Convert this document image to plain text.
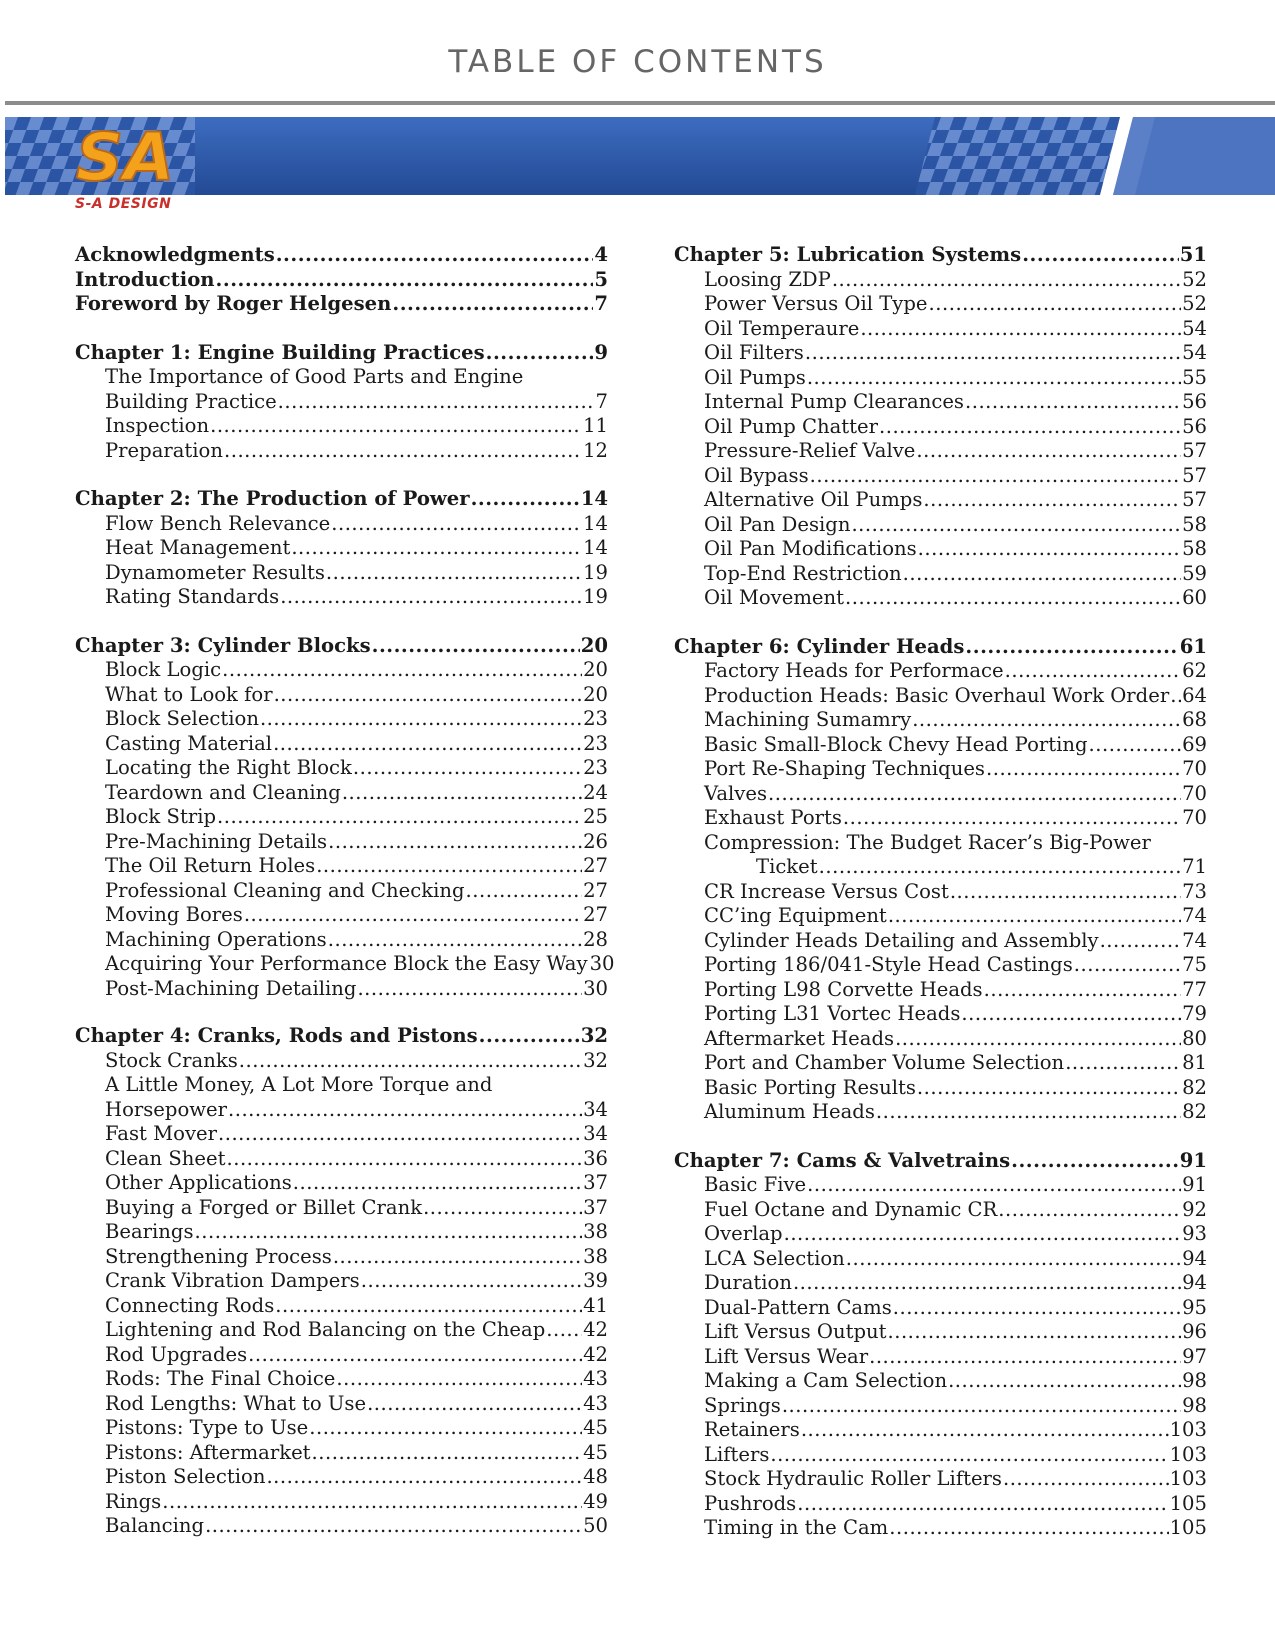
TABLE OF CONTENTS
SA
S-A DESIGN
Acknowledgments .....	4
Introduction .....	5
Foreword by Roger Helgesen .....	7
Chapter 1: Engine Building Practices .....	9
The Importance of Good Parts and Engine
Building Practice .....	7
Inspection .....	11
Preparation .....	12
Chapter 2: The Production of Power .....	14
Flow Bench Relevance .....	14
Heat Management .....	14
Dynamometer Results .....	19
Rating Standards .....	19
Chapter 3: Cylinder Blocks .....	20
Block Logic .....	20
What to Look for .....	20
Block Selection .....	23
Casting Material .....	23
Locating the Right Block .....	23
Teardown and Cleaning .....	24
Block Strip .....	25
Pre-Machining Details .....	26
The Oil Return Holes .....	27
Professional Cleaning and Checking .....	27
Moving Bores .....	27
Machining Operations .....	28
Acquiring Your Performance Block the Easy Way 30
Post-Machining Detailing .....	30
Chapter 4: Cranks, Rods and Pistons .....	32
Stock Cranks .....	32
A Little Money, A Lot More Torque and
Horsepower .....	34
Fast Mover .....	34
Clean Sheet .....	36
Other Applications .....	37
Buying a Forged or Billet Crank .....	37
Bearings .....	38
Strengthening Process .....	38
Crank Vibration Dampers .....	39
Connecting Rods .....	41
Lightening and Rod Balancing on the Cheap ..... 42
Rod Upgrades .....	42
Rods: The Final Choice .....	43
Rod Lengths: What to Use .....	43
Pistons: Type to Use .....	45
Pistons: Aftermarket .....	45
Piston Selection .....	48
Rings .....	49
Balancing .....	50
Chapter 5: Lubrication Systems .....	51
Loosing ZDP .....	52
Power Versus Oil Type .....	52
Oil Temperaure .....	54
Oil Filters .....	54
Oil Pumps .....	55
Internal Pump Clearances .....	56
Oil Pump Chatter .....	56
Pressure-Relief Valve .....	57
Oil Bypass .....	57
Alternative Oil Pumps .....	57
Oil Pan Design .....	58
Oil Pan Modifications .....	58
Top-End Restriction .....	59
Oil Movement .....	60
Chapter 6: Cylinder Heads .....	61
Factory Heads for Performace .....	62
Production Heads: Basic Overhaul Work Order ..... 64
Machining Sumamry .....	68
Basic Small-Block Chevy Head Porting .....	69
Port Re-Shaping Techniques .....	70
Valves .....	70
Exhaust Ports .....	70
Compression: The Budget Racer’s Big-Power
Ticket .....	71
CR Increase Versus Cost .....	73
CC’ing Equipment .....	74
Cylinder Heads Detailing and Assembly .....	74
Porting 186/041-Style Head Castings .....	75
Porting L98 Corvette Heads .....	77
Porting L31 Vortec Heads .....	79
Aftermarket Heads .....	80
Port and Chamber Volume Selection .....	81
Basic Porting Results .....	82
Aluminum Heads .....	82
Chapter 7: Cams & Valvetrains .....	91
Basic Five .....	91
Fuel Octane and Dynamic CR .....	92
Overlap .....	93
LCA Selection .....	94
Duration .....	94
Dual-Pattern Cams .....	95
Lift Versus Output .....	96
Lift Versus Wear .....	97
Making a Cam Selection .....	98
Springs .....	98
Retainers .....	103
Lifters .....	103
Stock Hydraulic Roller Lifters .....	103
Pushrods .....	105
Timing in the Cam .....	105
